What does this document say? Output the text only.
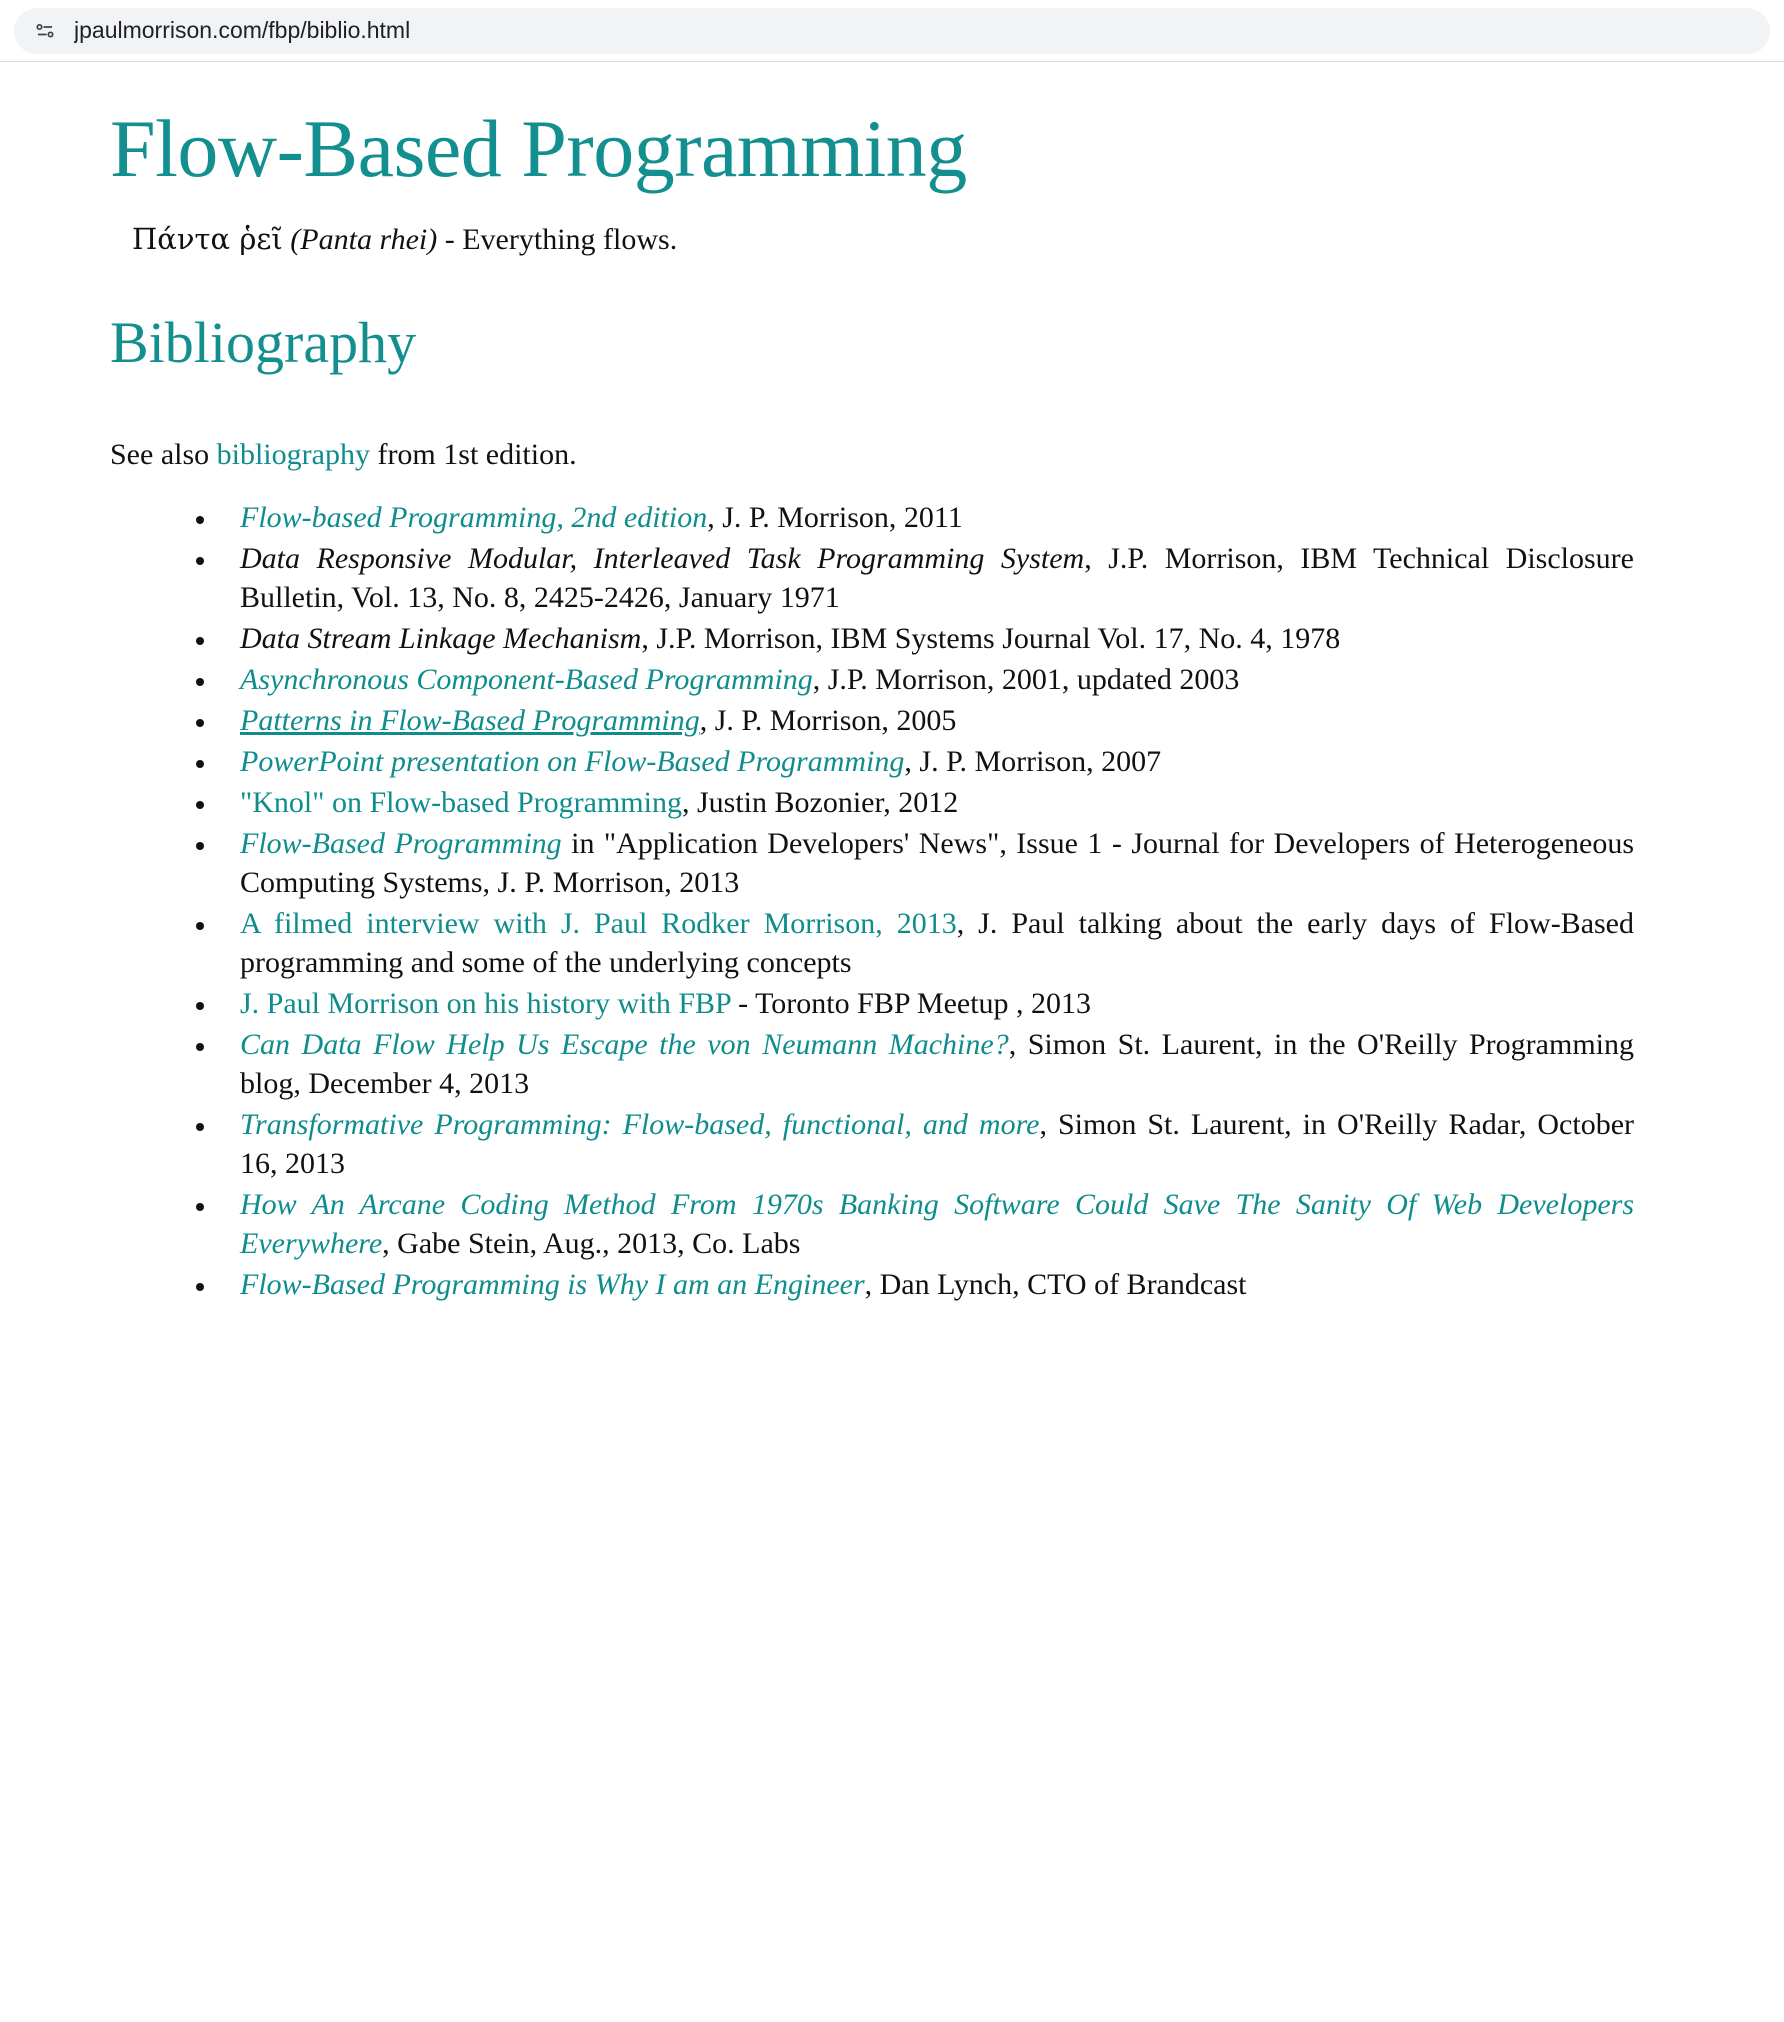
jpaulmorrison.com/fbp/biblio.html
Flow-Based Programming
Πάντα ῥεῖ (Panta rhei) - Everything flows.
Bibliography

See also bibliography from 1st edition.

• Flow-based Programming, 2nd edition, J. P. Morrison, 2011
• Data Responsive Modular, Interleaved Task Programming System, J.P. Morrison, IBM Technical Disclosure Bulletin, Vol. 13, No. 8, 2425-2426, January 1971
• Data Stream Linkage Mechanism, J.P. Morrison, IBM Systems Journal Vol. 17, No. 4, 1978
• Asynchronous Component-Based Programming, J.P. Morrison, 2001, updated 2003
• Patterns in Flow-Based Programming, J. P. Morrison, 2005
• PowerPoint presentation on Flow-Based Programming, J. P. Morrison, 2007
• "Knol" on Flow-based Programming, Justin Bozonier, 2012
• Flow-Based Programming in "Application Developers' News", Issue 1 - Journal for Developers of Heterogeneous Computing Systems, J. P. Morrison, 2013
• A filmed interview with J. Paul Rodker Morrison, 2013, J. Paul talking about the early days of Flow-Based programming and some of the underlying concepts
• J. Paul Morrison on his history with FBP - Toronto FBP Meetup , 2013
• Can Data Flow Help Us Escape the von Neumann Machine?, Simon St. Laurent, in the O'Reilly Programming blog, December 4, 2013
• Transformative Programming: Flow-based, functional, and more, Simon St. Laurent, in O'Reilly Radar, October 16, 2013
• How An Arcane Coding Method From 1970s Banking Software Could Save The Sanity Of Web Developers Everywhere, Gabe Stein, Aug., 2013, Co. Labs
• Flow-Based Programming is Why I am an Engineer, Dan Lynch, CTO of Brandcast
